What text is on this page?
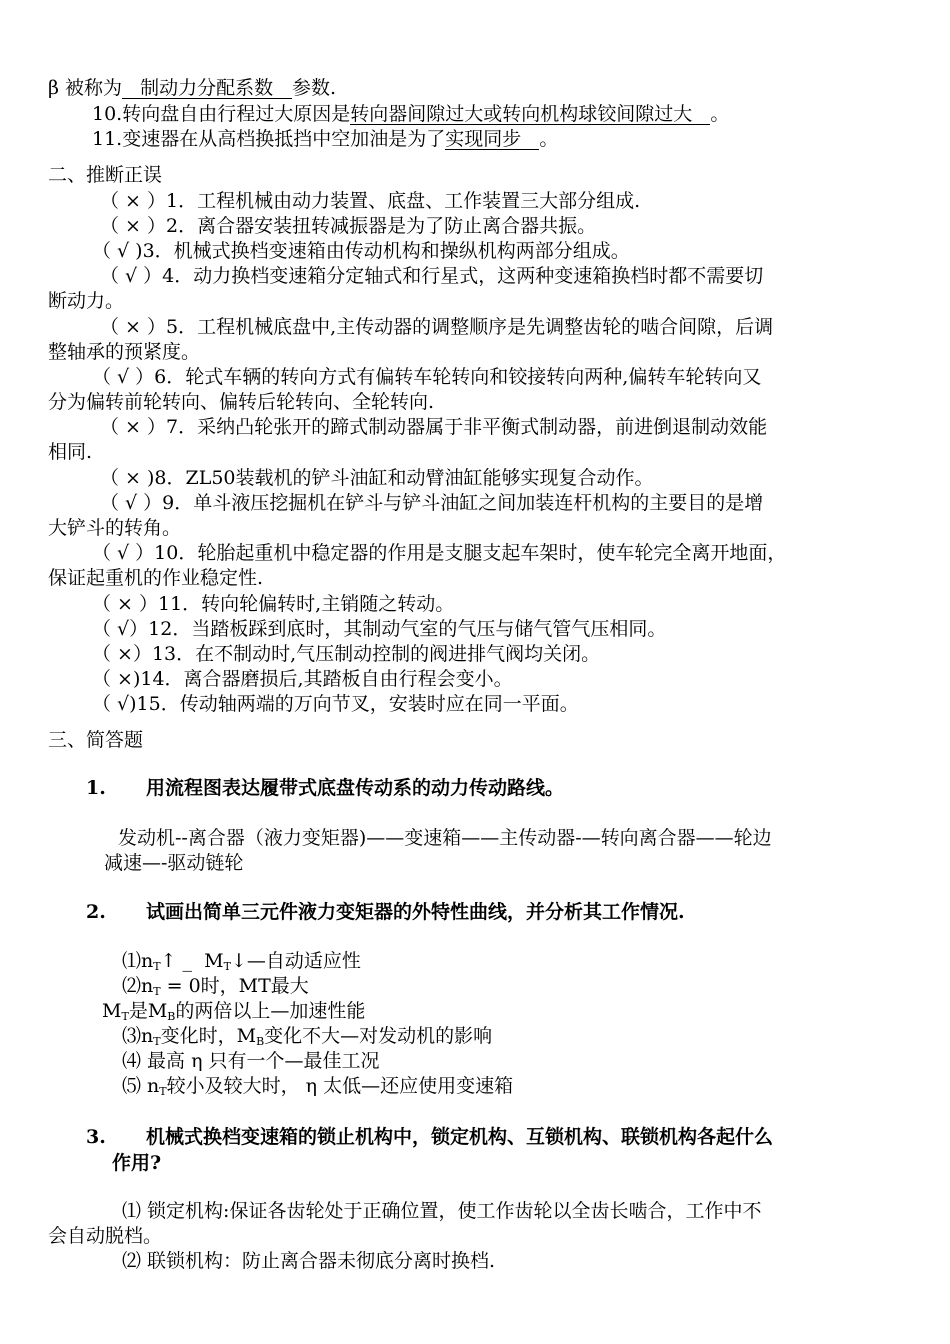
β 被称为 制动力分配系数 参数.
10.转向盘自由行程过大原因是转向器间隙过大或转向机构球铰间隙过大 。
11.变速器在从高档换抵挡中空加油是为了实现同步 。
二、推断正误
（ × ）1．工程机械由动力装置、底盘、工作装置三大部分组成.
（ × ）2．离合器安装扭转减振器是为了防止离合器共振。
（ √ )3．机械式换档变速箱由传动机构和操纵机构两部分组成。
（ √ ）4．动力换档变速箱分定轴式和行星式，这两种变速箱换档时都不需要切
断动力。
（ × ）5．工程机械底盘中,主传动器的调整顺序是先调整齿轮的啮合间隙，后调
整轴承的预紧度。
（ √ ）6．轮式车辆的转向方式有偏转车轮转向和铰接转向两种,偏转车轮转向又
分为偏转前轮转向、偏转后轮转向、全轮转向.
（ × ）7．采纳凸轮张开的蹄式制动器属于非平衡式制动器，前进倒退制动效能
相同.
（ × )8．ZL50装载机的铲斗油缸和动臂油缸能够实现复合动作。
（ √ ）9．单斗液压挖掘机在铲斗与铲斗油缸之间加装连杆机构的主要目的是增
大铲斗的转角。
（ √ ）10．轮胎起重机中稳定器的作用是支腿支起车架时，使车轮完全离开地面，
保证起重机的作业稳定性.
（ × ）11．转向轮偏转时,主销随之转动。
（ √）12．当踏板踩到底时，其制动气室的气压与储气管气压相同。
（ ×）13．在不制动时,气压制动控制的阀进排气阀均关闭。
（ ×)14．离合器磨损后,其踏板自由行程会变小。
（ √)15．传动轴两端的万向节叉，安装时应在同一平面。
三、简答题
1. 用流程图表达履带式底盘传动系的动力传动路线。
发动机--离合器（液力变矩器)——变速箱——主传动器-—转向离合器——轮边
减速—-驱动链轮
2. 试画出简单三元件液力变矩器的外特性曲线，并分析其工作情况.
$⑴n_T↑$ _  $M_T↓—$自动适应性
$⑵n_T = 0$时，MT最大
$M_T$是$M_B$的两倍以上—加速性能
$⑶n_T$变化时，$M_B$变化不大—对发动机的影响
⑷ 最高 η 只有一个—最佳工况
⑸ $n_T$较小及较大时， η 太低—还应使用变速箱
3. 机械式换档变速箱的锁止机构中，锁定机构、互锁机构、联锁机构各起什么
作用?
⑴ 锁定机构:保证各齿轮处于正确位置，使工作齿轮以全齿长啮合，工作中不
会自动脱档。
⑵ 联锁机构：防止离合器未彻底分离时换档.
